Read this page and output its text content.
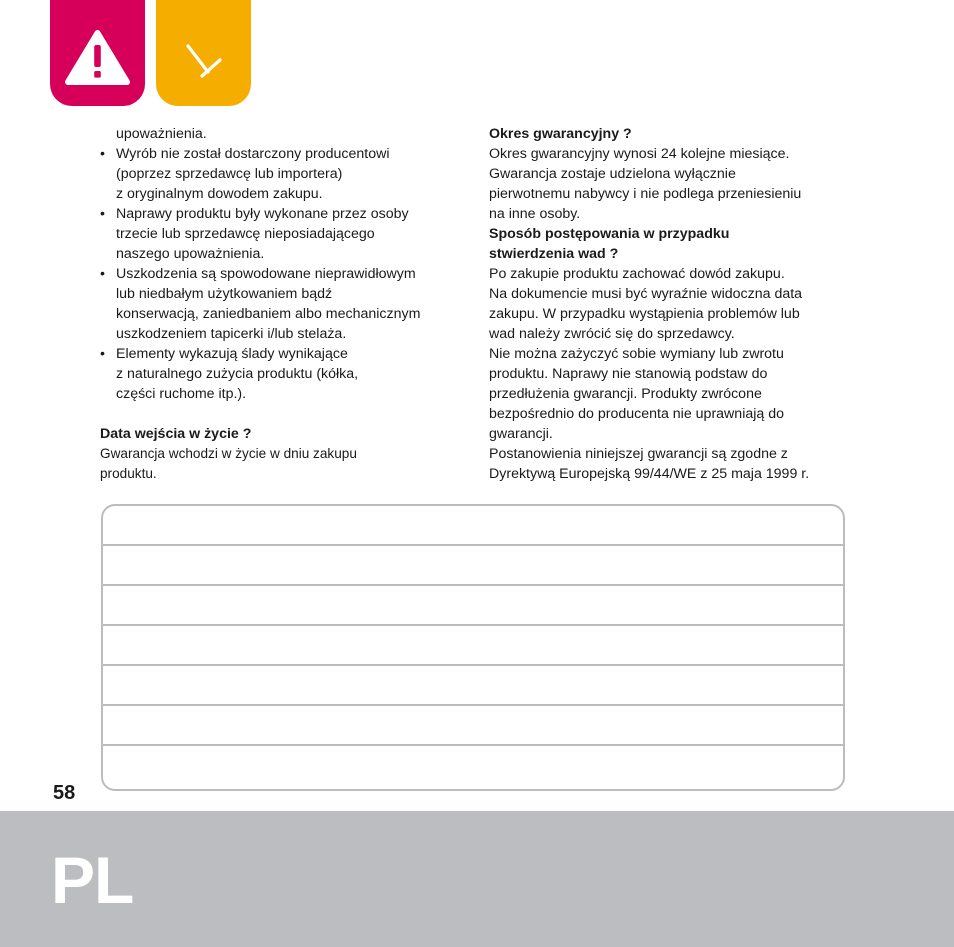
upoważnienia.

• Wyrób nie został dostarczony producentowi
(poprzez sprzedawcę lub importera)
z oryginalnym dowodem zakupu.
• Naprawy produktu były wykonane przez osoby
trzecie lub sprzedawcę nieposiadającego
naszego upoważnienia.
• Uszkodzenia są spowodowane nieprawidłowym
lub niedbałym użytkowaniem bądź
konserwacją, zaniedbaniem albo mechanicznym
uszkodzeniem tapicerki i/lub stelaża.
• Elementy wykazują ślady wynikające
z naturalnego zużycia produktu (kółka,
części ruchome itp.).

Data wejścia w życie ?

Gwarancja wchodzi w życie w dniu zakupu

produktu.

Okres gwarancyjny ?

Okres gwarancyjny wynosi 24 kolejne miesiące.

Gwarancja zostaje udzielona wyłącznie

pierwotnemu nabywcy i nie podlega przeniesieniu

na inne osoby.

Sposób postępowania w przypadku

stwierdzenia wad ?

Po zakupie produktu zachować dowód zakupu.

Na dokumencie musi być wyraźnie widoczna data

zakupu. W przypadku wystąpienia problemów lub

wad należy zwrócić się do sprzedawcy.

Nie można zażyczyć sobie wymiany lub zwrotu

produktu. Naprawy nie stanowią podstaw do

przedłużenia gwarancji. Produkty zwrócone

bezpośrednio do producenta nie uprawniają do

gwarancji.

Postanowienia niniejszej gwarancji są zgodne z

Dyrektywą Europejską 99/44/WE z 25 maja 1999 r.

58
PL
